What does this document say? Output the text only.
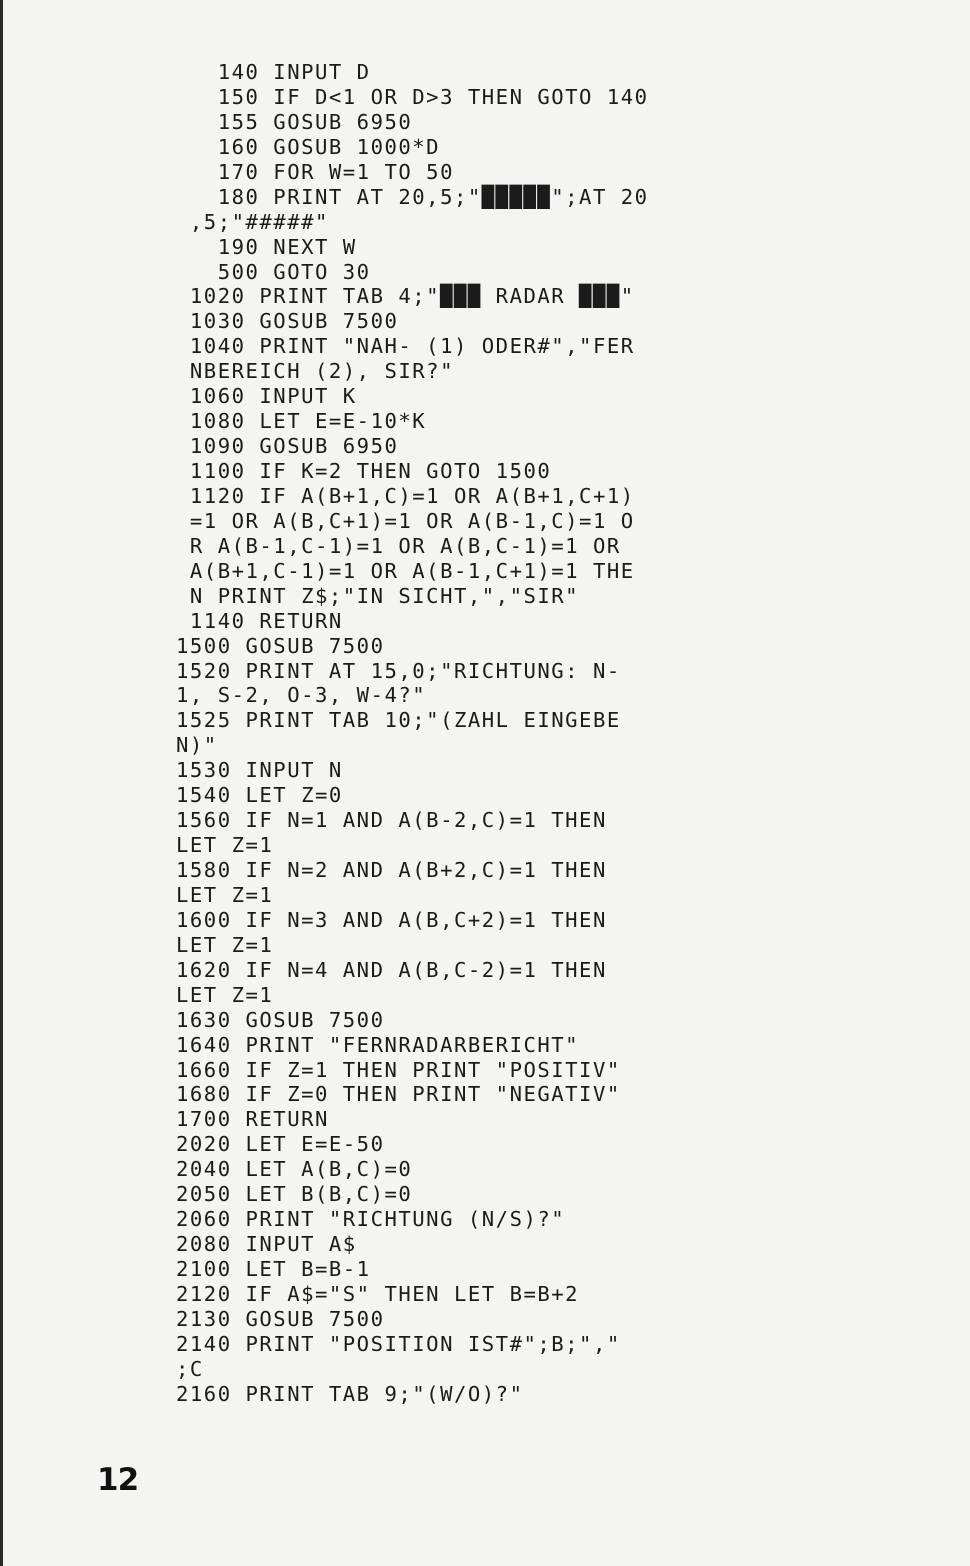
140 INPUT D
150 IF D<1 OR D>3 THEN GOTO 140
155 GOSUB 6950
160 GOSUB 1000*D
170 FOR W=1 TO 50
180 PRINT AT 20,5;"█████";AT 20
,5;"#####"
190 NEXT W
500 GOTO 30
1020 PRINT TAB 4;"███ RADAR ███"
1030 GOSUB 7500
1040 PRINT "NAH- (1) ODER#","FER
NBEREICH (2), SIR?"
1060 INPUT K
1080 LET E=E-10*K
1090 GOSUB 6950
1100 IF K=2 THEN GOTO 1500
1120 IF A(B+1,C)=1 OR A(B+1,C+1)
=1 OR A(B,C+1)=1 OR A(B-1,C)=1 O
R A(B-1,C-1)=1 OR A(B,C-1)=1 OR
A(B+1,C-1)=1 OR A(B-1,C+1)=1 THE
N PRINT Z$;"IN SICHT,","SIR"
1140 RETURN
1500 GOSUB 7500
1520 PRINT AT 15,0;"RICHTUNG: N-
1, S-2, O-3, W-4?"
1525 PRINT TAB 10;"(ZAHL EINGEBE
N)"
1530 INPUT N
1540 LET Z=0
1560 IF N=1 AND A(B-2,C)=1 THEN
LET Z=1
1580 IF N=2 AND A(B+2,C)=1 THEN
LET Z=1
1600 IF N=3 AND A(B,C+2)=1 THEN
LET Z=1
1620 IF N=4 AND A(B,C-2)=1 THEN
LET Z=1
1630 GOSUB 7500
1640 PRINT "FERNRADARBERICHT"
1660 IF Z=1 THEN PRINT "POSITIV"
1680 IF Z=0 THEN PRINT "NEGATIV"
1700 RETURN
2020 LET E=E-50
2040 LET A(B,C)=0
2050 LET B(B,C)=0
2060 PRINT "RICHTUNG (N/S)?"
2080 INPUT A$
2100 LET B=B-1
2120 IF A$="S" THEN LET B=B+2
2130 GOSUB 7500
2140 PRINT "POSITION IST#";B;","
;C
2160 PRINT TAB 9;"(W/O)?"
12
